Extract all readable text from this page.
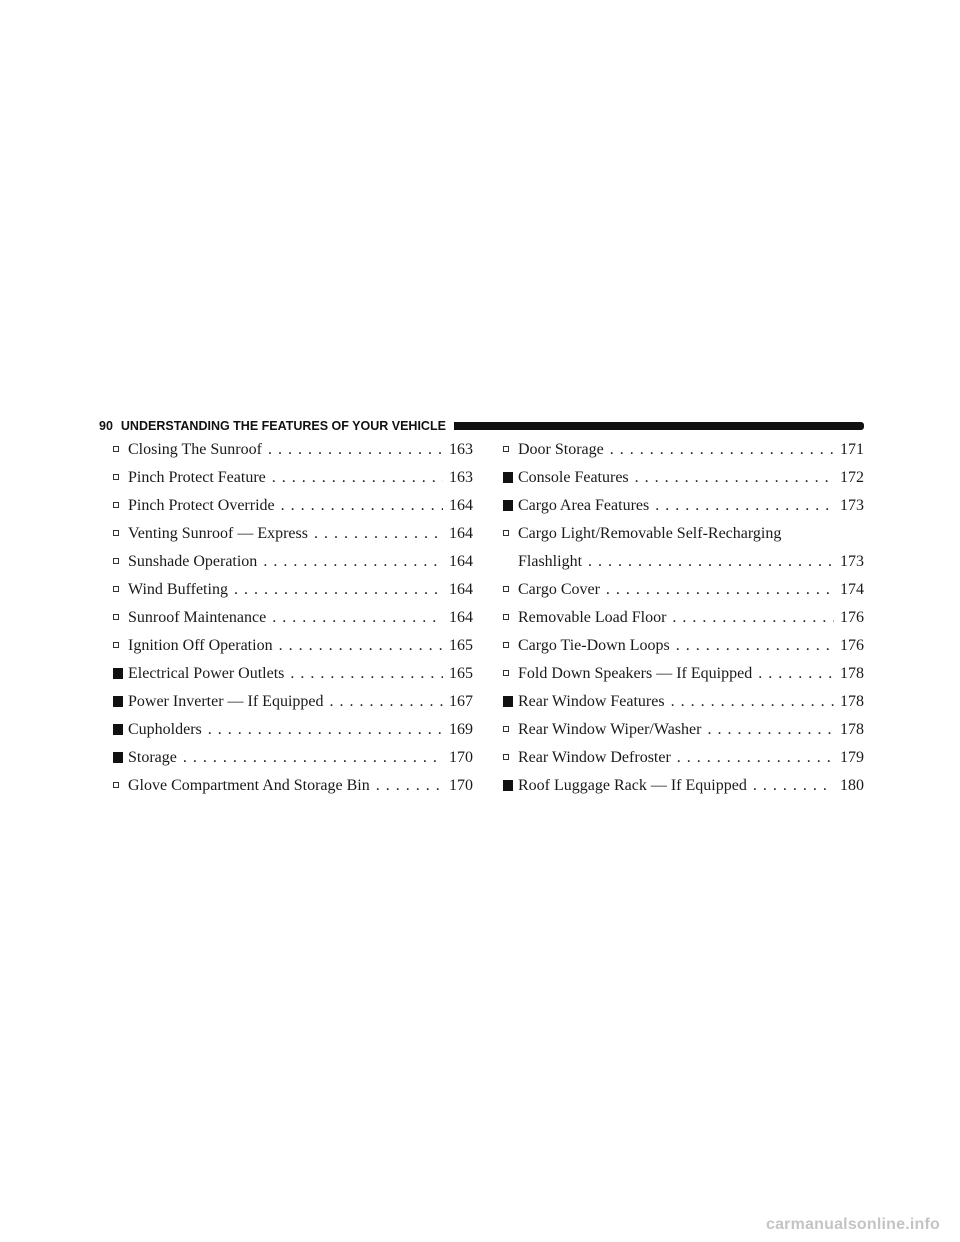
90 UNDERSTANDING THE FEATURES OF YOUR VEHICLE
Closing The Sunroof . . .	163
Pinch Protect Feature . . .	163
Pinch Protect Override . . .	164
Venting Sunroof — Express . . .	164
Sunshade Operation . . .	164
Wind Buffeting . . .	164
Sunroof Maintenance . . .	164
Ignition Off Operation . . .	165
Electrical Power Outlets . . .	165
Power Inverter — If Equipped . . .	167
Cupholders . . .	169
Storage . . .	170
Glove Compartment And Storage Bin . . .	170
Door Storage . . .	171
Console Features . . .	172
Cargo Area Features . . .	173
Cargo Light/Removable Self-Recharging
Flashlight . . .	173
Cargo Cover . . .	174
Removable Load Floor . . .	176
Cargo Tie-Down Loops . . .	176
Fold Down Speakers — If Equipped . . .	178
Rear Window Features . . .	178
Rear Window Wiper/Washer . . .	178
Rear Window Defroster . . .	179
Roof Luggage Rack — If Equipped . . .	180
carmanualsonline.info
